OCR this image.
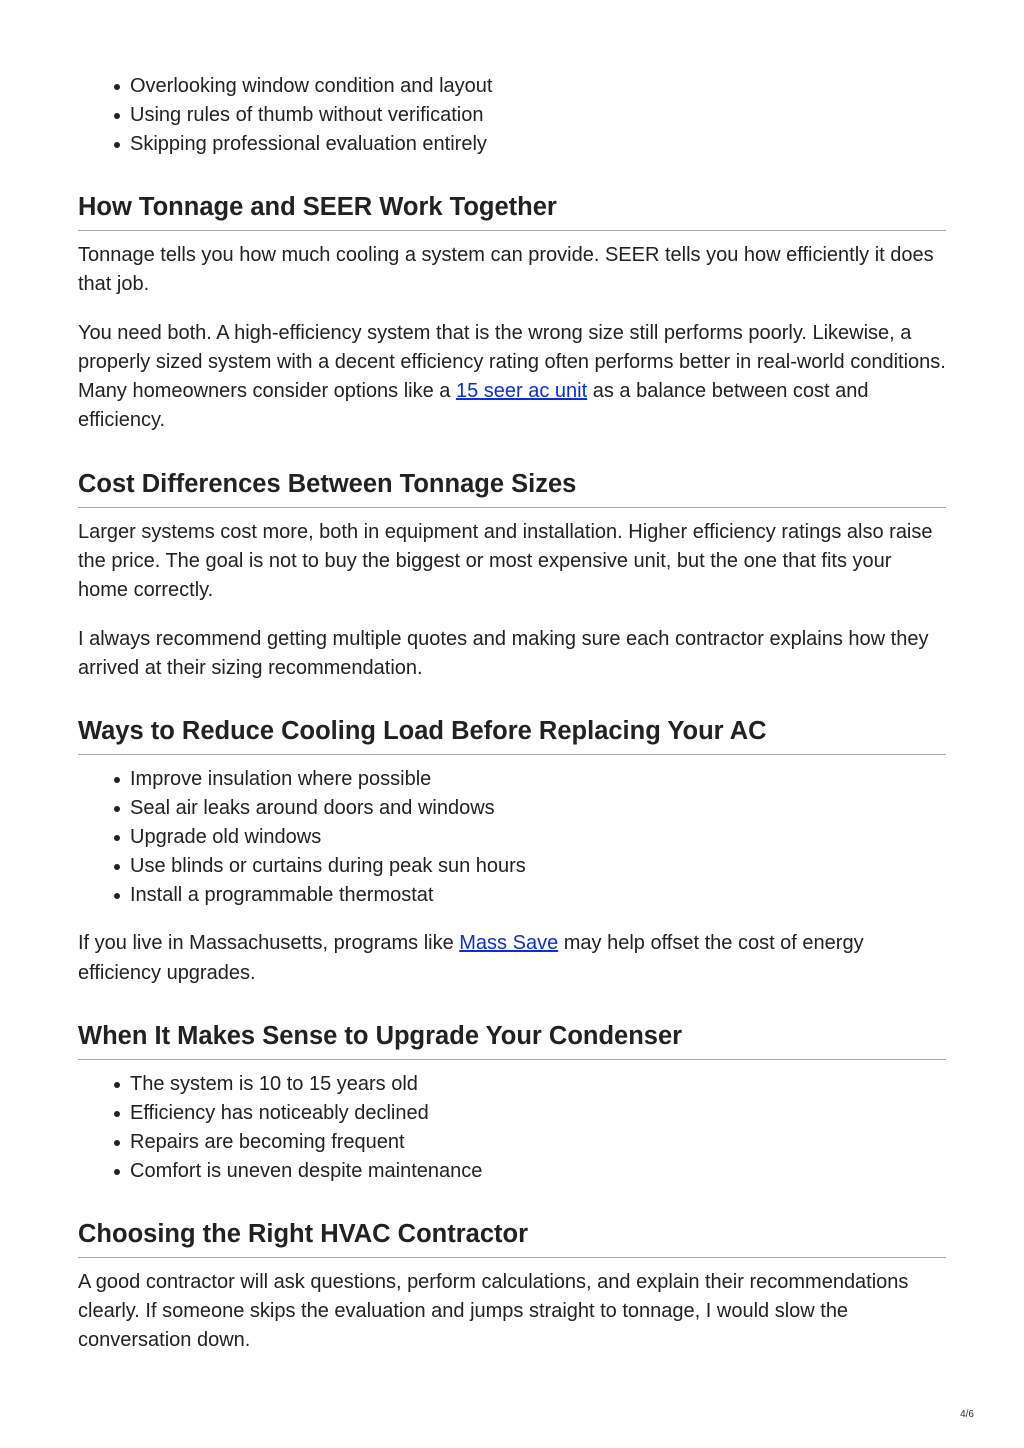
Overlooking window condition and layout
Using rules of thumb without verification
Skipping professional evaluation entirely
How Tonnage and SEER Work Together

Tonnage tells you how much cooling a system can provide. SEER tells you how efficiently it does that job.

You need both. A high-efficiency system that is the wrong size still performs poorly. Likewise, a properly sized system with a decent efficiency rating often performs better in real-world conditions. Many homeowners consider options like a 15 seer ac unit as a balance between cost and efficiency.

Cost Differences Between Tonnage Sizes

Larger systems cost more, both in equipment and installation. Higher efficiency ratings also raise the price. The goal is not to buy the biggest or most expensive unit, but the one that fits your home correctly.

I always recommend getting multiple quotes and making sure each contractor explains how they arrived at their sizing recommendation.

Ways to Reduce Cooling Load Before Replacing Your AC
Improve insulation where possible
Seal air leaks around doors and windows
Upgrade old windows
Use blinds or curtains during peak sun hours
Install a programmable thermostat

If you live in Massachusetts, programs like Mass Save may help offset the cost of energy efficiency upgrades.

When It Makes Sense to Upgrade Your Condenser
The system is 10 to 15 years old
Efficiency has noticeably declined
Repairs are becoming frequent
Comfort is uneven despite maintenance
Choosing the Right HVAC Contractor

A good contractor will ask questions, perform calculations, and explain their recommendations clearly. If someone skips the evaluation and jumps straight to tonnage, I would slow the conversation down.

4/6
